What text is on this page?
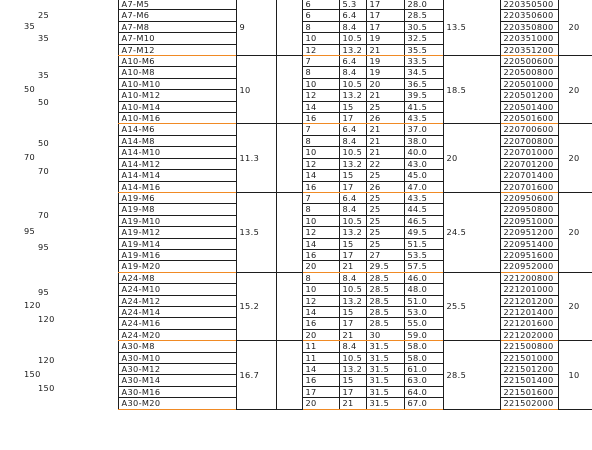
25
35
35	A7-M5	9		6	5.3	17	28.0	13.5	220350500	20
	A7-M6			6	6.4	17	28.5		220350600	
	A7-M8			8	8.4	17	30.5		220350800	
	A7-M10			10	10.5	19	32.5		220351000	
	A7-M12			12	13.2	21	35.5		220351200	

35
50
50	A10-M6	10		7	6.4	19	33.5	18.5	220500600	20
	A10-M8			8	8.4	19	34.5		220500800	
	A10-M10			10	10.5	20	36.5		220501000	
	A10-M12			12	13.2	21	39.5		220501200	
	A10-M14			14	15	25	41.5		220501400	
	A10-M16			16	17	26	43.5		220501600	

50
70
70	A14-M6	11.3		7	6.4	21	37.0	20	220700600	20
	A14-M8			8	8.4	21	38.0		220700800	
	A14-M10			10	10.5	21	40.0		220701000	
	A14-M12			12	13.2	22	43.0		220701200	
	A14-M14			14	15	25	45.0		220701400	
	A14-M16			16	17	26	47.0		220701600	

70
95
95	A19-M6	13.5		7	6.4	25	43.5	24.5	220950600	20
	A19-M8			8	8.4	25	44.5		220950800	
	A19-M10			10	10.5	25	46.5		220951000	
	A19-M12			12	13.2	25	49.5		220951200	
	A19-M14			14	15	25	51.5		220951400	
	A19-M16			16	17	27	53.5		220951600	
	A19-M20			20	21	29.5	57.5		220952000	

95
120
120	A24-M8	15.2		8	8.4	28.5	46.0	25.5	221200800	20
	A24-M10			10	10.5	28.5	48.0		221201000	
	A24-M12			12	13.2	28.5	51.0		221201200	
	A24-M14			14	15	28.5	53.0		221201400	
	A24-M16			16	17	28.5	55.0		221201600	
	A24-M20			20	21	30	59.0		221202000	

120
150
150	A30-M8	16.7		11	8.4	31.5	58.0	28.5	221500800	10
	A30-M10			11	10.5	31.5	58.0		221501000	
	A30-M12			14	13.2	31.5	61.0		221501200	
	A30-M14			16	15	31.5	63.0		221501400	
	A30-M16			17	17	31.5	64.0		221501600	
	A30-M20			20	21	31.5	67.0		221502000	
